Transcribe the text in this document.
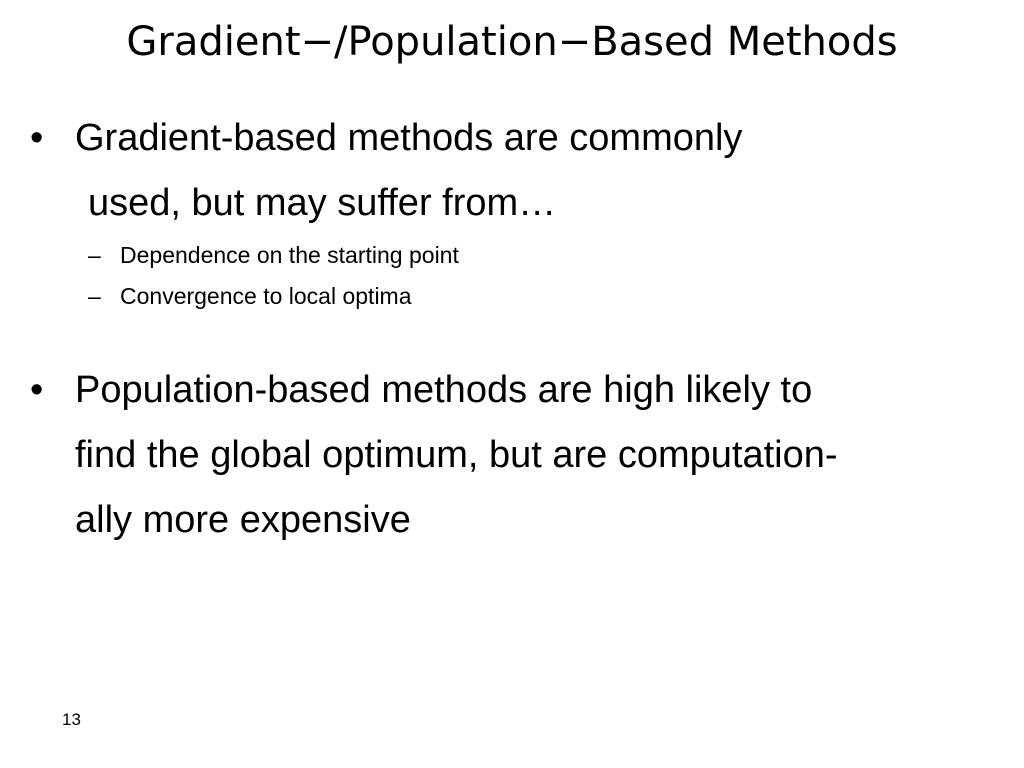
Gradient−/Population−Based Methods
• Gradient-based methods are commonly
used, but may suffer from…
– Dependence on the starting point
– Convergence to local optima
• Population-based methods are high likely to
find the global optimum, but are computation-
ally more expensive
13
